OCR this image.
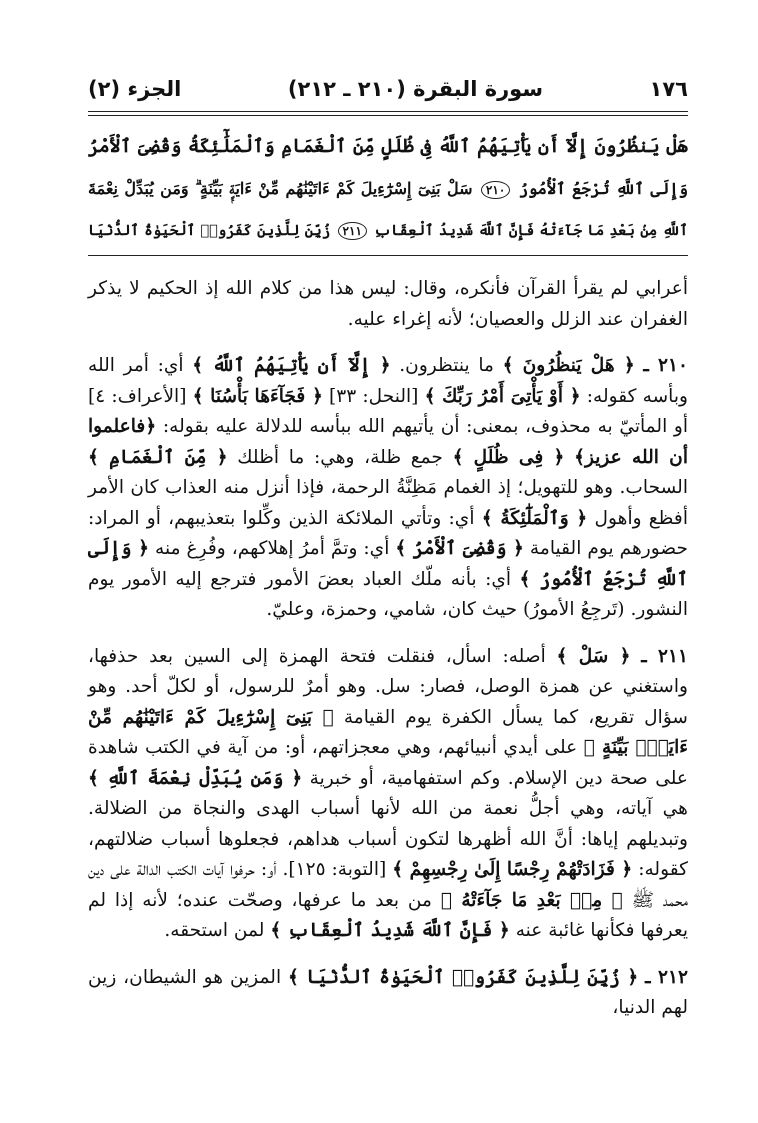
١٧٦
سورة البقرة (٢١٠ ـ ٢١٢)
الجزء (٢)
هَلْ يَنظُرُونَ إِلَّآ أَن يَأْتِيَهُمُ ٱللَّهُ فِى ظُلَلٍ مِّنَ ٱلْغَمَامِ وَٱلْمَلَٰٓئِكَةُ وَقُضِىَ ٱلْأَمْرُ
وَإِلَى ٱللَّهِ تُرْجَعُ ٱلْأُمُورُ ٢١٠ سَلْ بَنِىٓ إِسْرَٰٓءِيلَ كَمْ ءَاتَيْنَٰهُم مِّنْ ءَايَةٍۭ بَيِّنَةٍ ۗ وَمَن يُبَدِّلْ نِعْمَةَ
ٱللَّهِ مِنۢ بَعْدِ مَا جَآءَتْهُ فَإِنَّ ٱللَّهَ شَدِيدُ ٱلْعِقَابِ ٢١١ زُيِّنَ لِلَّذِينَ كَفَرُوا۟ ٱلْحَيَوٰةُ ٱلدُّنْيَا

أعرابي لم يقرأ القرآن فأنكره، وقال: ليس هذا من كلام الله إذ الحكيم لا يذكر الغفران عند الزلل والعصيان؛ لأنه إغراء عليه.

٢١٠ ـ ﴿ هَلْ يَنظُرُونَ ﴾ ما ينتظرون. ﴿ إِلَّآ أَن يَأْتِيَهُمُ ٱللَّهُ ﴾ أي: أمر الله وبأسه كقوله: ﴿ أَوْ يَأْتِىَ أَمْرُ رَبِّكَ ﴾ [النحل: ٣٣] ﴿ فَجَآءَهَا بَأْسُنَا ﴾ [الأعراف: ٤] أو المأتيّ به محذوف، بمعنى: أن يأتيهم الله ببأسه للدلالة عليه بقوله: ﴿فاعلموا أن الله عزيز﴾ ﴿ فِى ظُلَلٍ ﴾ جمع ظلة، وهي: ما أظلك ﴿ مِّنَ ٱلْغَمَامِ ﴾ السحاب. وهو للتهويل؛ إذ الغمام مَظِنَّةُ الرحمة، فإذا أنزل منه العذاب كان الأمر أفظع وأهول ﴿ وَٱلْمَلَٰٓئِكَةُ ﴾ أي: وتأتي الملائكة الذين وكِّلوا بتعذيبهم، أو المراد: حضورهم يوم القيامة ﴿ وَقُضِىَ ٱلْأَمْرُ ﴾ أي: وتمَّ أمرُ إهلاكهم، وفُرِغ منه ﴿ وَإِلَى ٱللَّهِ تُرْجَعُ ٱلْأُمُورُ ﴾ أي: بأنه ملّك العباد بعضَ الأمور فترجع إليه الأمور يوم النشور. (تَرجِعُ الأمورُ) حيث كان، شامي، وحمزة، وعليّ.

٢١١ ـ ﴿ سَلْ ﴾ أصله: اسأل، فنقلت فتحة الهمزة إلى السين بعد حذفها، واستغني عن همزة الوصل، فصار: سل. وهو أمرٌ للرسول، أو لكلّ أحد. وهو سؤال تقريع، كما يسأل الكفرة يوم القيامة ﴿ بَنِىٓ إِسْرَٰٓءِيلَ كَمْ ءَاتَيْنَٰهُم مِّنْ ءَايَةٍۭ بَيِّنَةٍ ﴾ على أيدي أنبيائهم، وهي معجزاتهم، أو: من آية في الكتب شاهدة على صحة دين الإسلام. وكم استفهامية، أو خبرية ﴿ وَمَن يُبَدِّلْ نِعْمَةَ ٱللَّهِ ﴾ هي آياته، وهي أجلُّ نعمة من الله لأنها أسباب الهدى والنجاة من الضلالة. وتبديلهم إياها: أنَّ الله أظهرها لتكون أسباب هداهم، فجعلوها أسباب ضلالتهم، كقوله: ﴿ فَزَادَتْهُمْ رِجْسًا إِلَىٰ رِجْسِهِمْ ﴾ [التوبة: ١٢٥]. أو: حرفوا آيات الكتب الدالة على دين محمد ﷺ ﴿ مِنۢ بَعْدِ مَا جَآءَتْهُ ﴾ من بعد ما عرفها، وصحّت عنده؛ لأنه إذا لم يعرفها فكأنها غائبة عنه ﴿ فَإِنَّ ٱللَّهَ شَدِيدُ ٱلْعِقَابِ ﴾ لمن استحقه.

٢١٢ ـ ﴿ زُيِّنَ لِلَّذِينَ كَفَرُوا۟ ٱلْحَيَوٰةُ ٱلدُّنْيَا ﴾ المزين هو الشيطان، زين لهم الدنيا،
